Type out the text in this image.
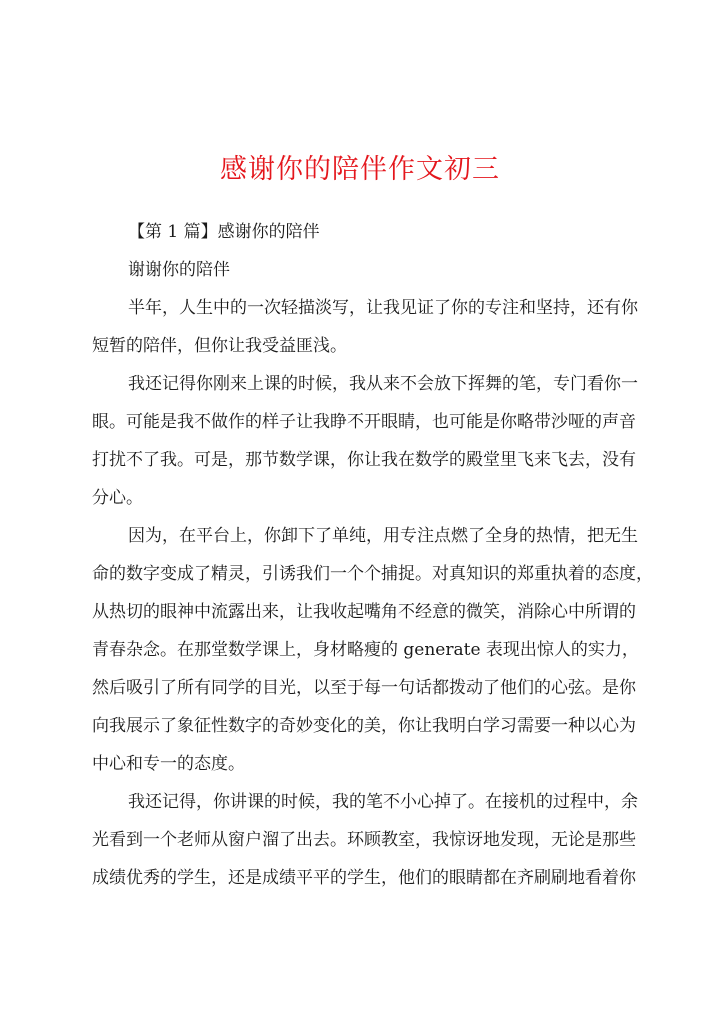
感谢你的陪伴作文初三
【第 1 篇】感谢你的陪伴
谢谢你的陪伴
半年，人生中的一次轻描淡写，让我见证了你的专注和坚持，还有你
短暂的陪伴，但你让我受益匪浅。
我还记得你刚来上课的时候，我从来不会放下挥舞的笔，专门看你一
眼。可能是我不做作的样子让我睁不开眼睛，也可能是你略带沙哑的声音
打扰不了我。可是，那节数学课，你让我在数学的殿堂里飞来飞去，没有
分心。
因为，在平台上，你卸下了单纯，用专注点燃了全身的热情，把无生
命的数字变成了精灵，引诱我们一个个捕捉。对真知识的郑重执着的态度，
从热切的眼神中流露出来，让我收起嘴角不经意的微笑，消除心中所谓的
青春杂念。在那堂数学课上，身材略瘦的 generate 表现出惊人的实力，
然后吸引了所有同学的目光，以至于每一句话都拨动了他们的心弦。是你
向我展示了象征性数字的奇妙变化的美，你让我明白学习需要一种以心为
中心和专一的态度。
我还记得，你讲课的时候，我的笔不小心掉了。在接机的过程中，余
光看到一个老师从窗户溜了出去。环顾教室，我惊讶地发现，无论是那些
成绩优秀的学生，还是成绩平平的学生，他们的眼睛都在齐刷刷地看着你
